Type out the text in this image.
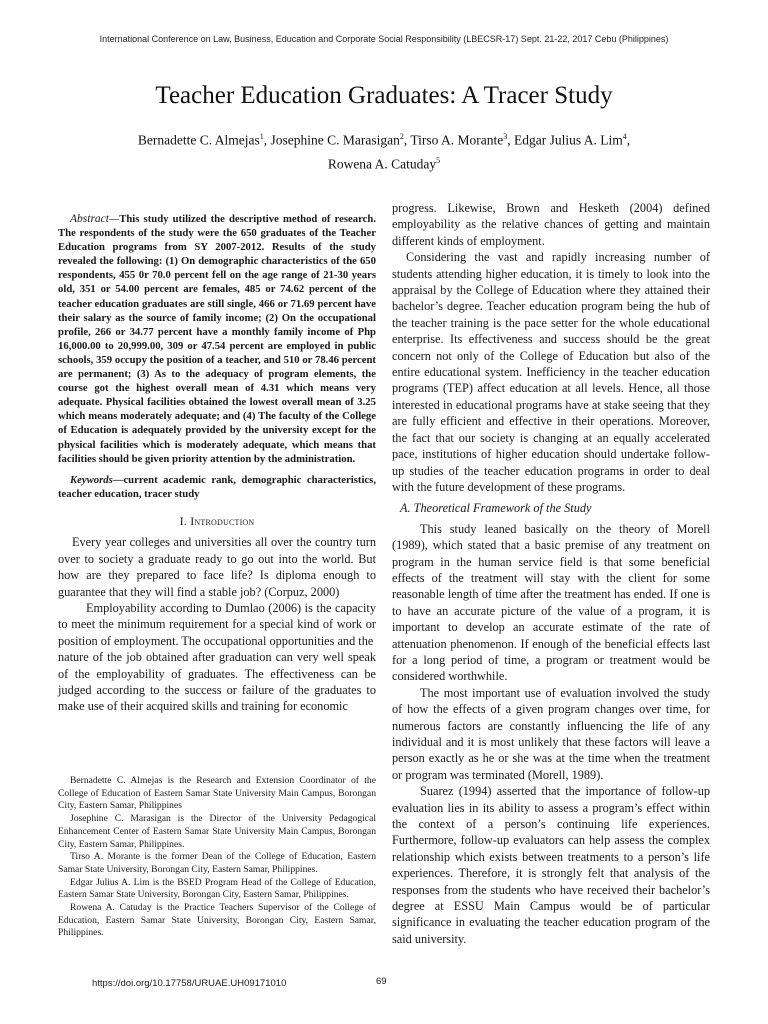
International Conference on Law, Business, Education and Corporate Social Responsibility (LBECSR-17) Sept. 21-22, 2017 Cebu (Philippines)
Teacher Education Graduates: A Tracer Study
Bernadette C. Almejas$^1$, Josephine C. Marasigan$^2$, Tirso A. Morante$^3$, Edgar Julius A. Lim$^4$,
Rowena A. Catuday$^5$

Abstract—This study utilized the descriptive method of research. The respondents of the study were the 650 graduates of the Teacher Education programs from SY 2007-2012. Results of the study revealed the following: (1) On demographic characteristics of the 650 respondents, 455 0r 70.0 percent fell on the age range of 21-30 years old, 351 or 54.00 percent are females, 485 or 74.62 percent of the teacher education graduates are still single, 466 or 71.69 percent have their salary as the source of family income; (2) On the occupational profile, 266 or 34.77 percent have a monthly family income of Php 16,000.00 to 20,999.00, 309 or 47.54 percent are employed in public schools, 359 occupy the position of a teacher, and 510 or 78.46 percent are permanent; (3) As to the adequacy of program elements, the course got the highest overall mean of 4.31 which means very adequate. Physical facilities obtained the lowest overall mean of 3.25 which means moderately adequate; and (4) The faculty of the College of Education is adequately provided by the university except for the physical facilities which is moderately adequate, which means that facilities should be given priority attention by the administration.

Keywords—current academic rank, demographic characteristics, teacher education, tracer study

I. Introduction

Every year colleges and universities all over the country turn over to society a graduate ready to go out into the world. But how are they prepared to face life? Is diploma enough to guarantee that they will find a stable job? (Corpuz, 2000)

Employability according to Dumlao (2006) is the capacity to meet the minimum requirement for a special kind of work or position of employment. The occupational opportunities and the

nature of the job obtained after graduation can very well speak of the employability of graduates. The effectiveness can be judged according to the success or failure of the graduates to make use of their acquired skills and training for economic

Bernadette C. Almejas is the Research and Extension Coordinator of the College of Education of Eastern Samar State University Main Campus, Borongan City, Eastern Samar, Philippines

Josephine C. Marasigan is the Director of the University Pedagogical Enhancement Center of Eastern Samar State University Main Campus, Borongan City, Eastern Samar, Philippines.

Tirso A. Morante is the former Dean of the College of Education, Eastern Samar State University, Borongan City, Eastern Samar, Philippines.

Edgar Julius A. Lim is the BSED Program Head of the College of Education, Eastern Samar State University, Borongan City, Eastern Samar, Philippines.

Rowena A. Catuday is the Practice Teachers Supervisor of the College of Education, Eastern Samar State University, Borongan City, Eastern Samar, Philippines.

progress. Likewise, Brown and Hesketh (2004) defined employability as the relative chances of getting and maintain different kinds of employment.

Considering the vast and rapidly increasing number of students attending higher education, it is timely to look into the appraisal by the College of Education where they attained their bachelor’s degree. Teacher education program being the hub of the teacher training is the pace setter for the whole educational enterprise. Its effectiveness and success should be the great concern not only of the College of Education but also of the entire educational system. Inefficiency in the teacher education programs (TEP) affect education at all levels. Hence, all those interested in educational programs have at stake seeing that they are fully efficient and effective in their operations. Moreover, the fact that our society is changing at an equally accelerated pace, institutions of higher education should undertake follow-up studies of the teacher education programs in order to deal with the future development of these programs.

A. Theoretical Framework of the Study

This study leaned basically on the theory of Morell (1989), which stated that a basic premise of any treatment on program in the human service field is that some beneficial effects of the treatment will stay with the client for some reasonable length of time after the treatment has ended. If one is to have an accurate picture of the value of a program, it is important to develop an accurate estimate of the rate of attenuation phenomenon. If enough of the beneficial effects last for a long period of time, a program or treatment would be considered worthwhile.

The most important use of evaluation involved the study of how the effects of a given program changes over time, for numerous factors are constantly influencing the life of any individual and it is most unlikely that these factors will leave a person exactly as he or she was at the time when the treatment or program was terminated (Morell, 1989).

Suarez (1994) asserted that the importance of follow-up evaluation lies in its ability to assess a program’s effect within the context of a person’s continuing life experiences. Furthermore, follow-up evaluators can help assess the complex relationship which exists between treatments to a person’s life experiences. Therefore, it is strongly felt that analysis of the responses from the students who have received their bachelor’s degree at ESSU Main Campus would be of particular significance in evaluating the teacher education program of the said university.

https://doi.org/10.17758/URUAE.UH09171010	69
